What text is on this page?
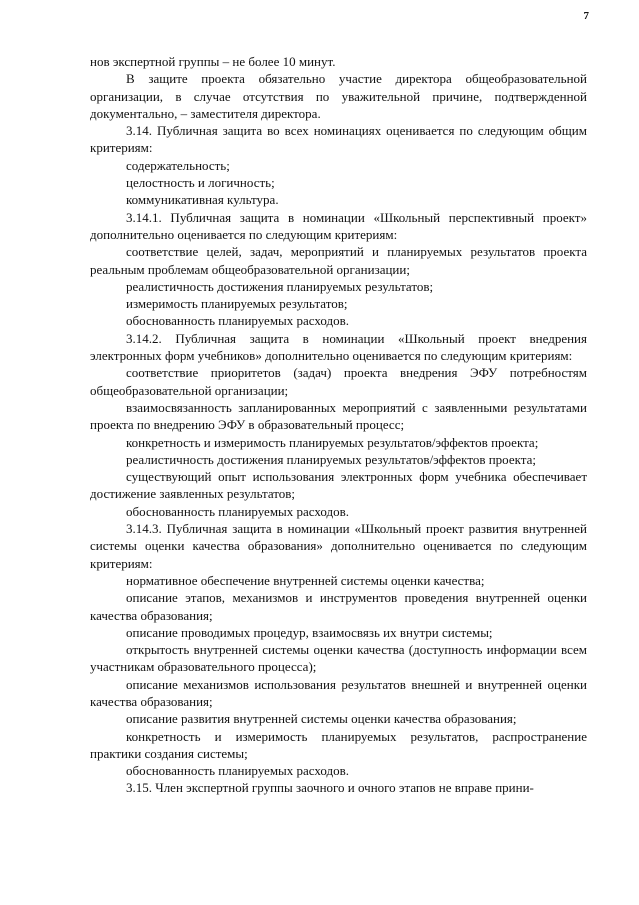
7

нов экспертной группы – не более 10 минут.

В защите проекта обязательно участие директора общеобразовательной организации, в случае отсутствия по уважительной причине, подтвержденной документально, – заместителя директора.

3.14. Публичная защита во всех номинациях оценивается по следующим общим критериям:

содержательность;

целостность и логичность;

коммуникативная культура.

3.14.1. Публичная защита в номинации «Школьный перспективный проект» дополнительно оценивается по следующим критериям:

соответствие целей, задач, мероприятий и планируемых результатов проекта реальным проблемам общеобразовательной организации;

реалистичность достижения планируемых результатов;

измеримость планируемых результатов;

обоснованность планируемых расходов.

3.14.2. Публичная защита в номинации «Школьный проект внедрения электронных форм учебников» дополнительно оценивается по следующим критериям:

соответствие приоритетов (задач) проекта внедрения ЭФУ потребностям общеобразовательной организации;

взаимосвязанность запланированных мероприятий с заявленными результатами проекта по внедрению ЭФУ в образовательный процесс;

конкретность и измеримость планируемых результатов/эффектов проекта;

реалистичность достижения планируемых результатов/эффектов проекта;

существующий опыт использования электронных форм учебника обеспечивает достижение заявленных результатов;

обоснованность планируемых расходов.

3.14.3. Публичная защита в номинации «Школьный проект развития внутренней системы оценки качества образования» дополнительно оценивается по следующим критериям:

нормативное обеспечение внутренней системы оценки качества;

описание этапов, механизмов и инструментов проведения внутренней оценки качества образования;

описание проводимых процедур, взаимосвязь их внутри системы;

открытость внутренней системы оценки качества (доступность информации всем участникам образовательного процесса);

описание механизмов использования результатов внешней и внутренней оценки качества образования;

описание развития внутренней системы оценки качества образования;

конкретность и измеримость планируемых результатов, распространение практики создания системы;

обоснованность планируемых расходов.

3.15. Член экспертной группы заочного и очного этапов не вправе прини-
